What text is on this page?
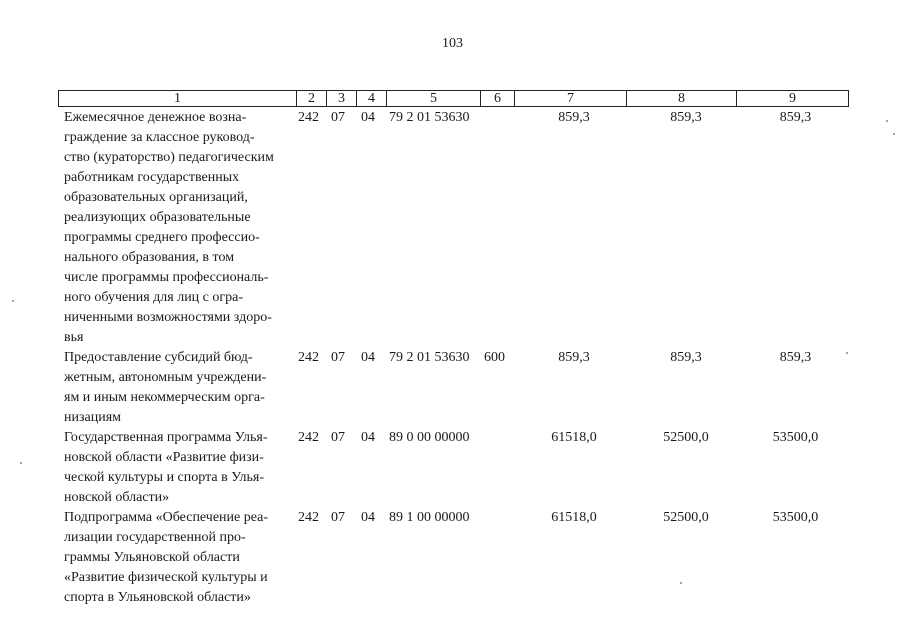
103
1	2	3	4	5	6	7	8	9
Ежемесячное денежное возна-
граждение за классное руковод-
ство (кураторство) педагогическим
работникам государственных
образовательных организаций,
реализующих образовательные
программы среднего профессио-
нального образования, в том
числе программы профессиональ-
ного обучения для лиц с огра-
ниченными возможностями здоро-
вья
242 07 04 79 2 01 53630	859,3	859,3	859,3
Предоставление субсидий бюд-
жетным, автономным учреждени-
ям и иным некоммерческим орга-
низациям
242 07 04 79 2 01 53630 600	859,3	859,3	859,3
Государственная программа Улья-
новской области «Развитие физи-
ческой культуры и спорта в Улья-
новской области»
242 07 04 89 0 00 00000	61518,0	52500,0	53500,0
Подпрограмма «Обеспечение реа-
лизации государственной про-
граммы Ульяновской области
«Развитие физической культуры и
спорта в Ульяновской области»
242 07 04 89 1 00 00000	61518,0	52500,0	53500,0
